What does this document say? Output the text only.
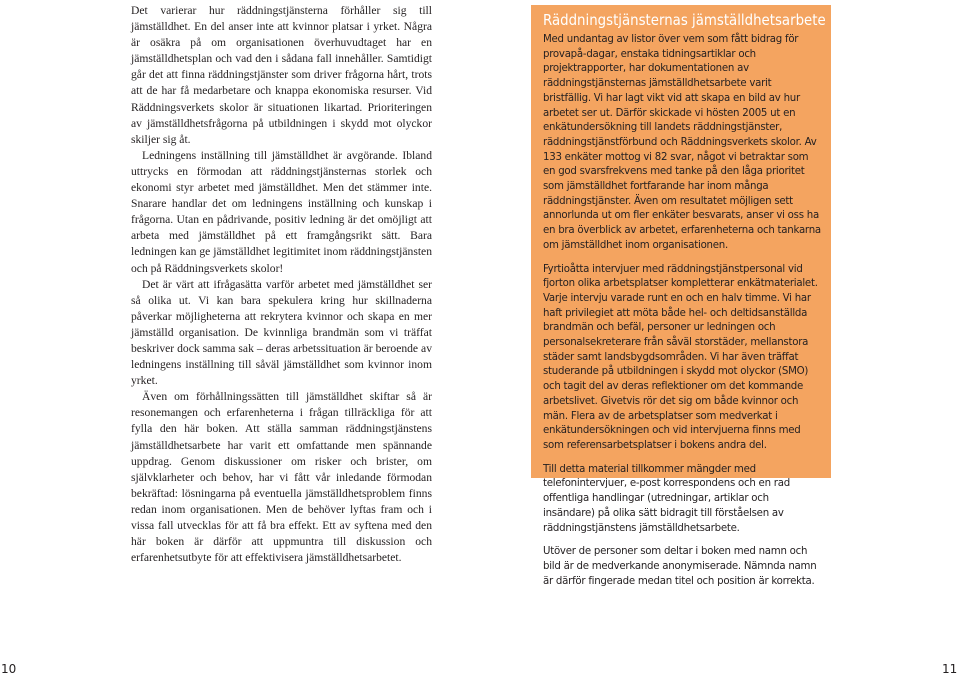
Det varierar hur räddningstjänsterna förhåller sig till jämställdhet. En del anser inte att kvinnor platsar i yrket. Några är osäkra på om organisationen överhuvudtaget har en jämställdhetsplan och vad den i sådana fall innehåller. Samtidigt går det att finna räddningstjänster som driver frågorna hårt, trots att de har få medarbetare och knappa ekonomiska resurser. Vid Räddningsverkets skolor är situationen likartad. Prioriteringen av jämställdhetsfrågorna på utbildningen i skydd mot olyckor skiljer sig åt.

Ledningens inställning till jämställdhet är avgörande. Ibland uttrycks en förmodan att räddningstjänsternas storlek och ekonomi styr arbetet med jämställdhet. Men det stämmer inte. Snarare handlar det om ledningens inställning och kunskap i frågorna. Utan en pådrivande, positiv ledning är det omöjligt att arbeta med jämställdhet på ett framgångsrikt sätt. Bara ledningen kan ge jämställdhet legitimitet inom räddningstjänsten och på Räddningsverkets skolor!

Det är värt att ifrågasätta varför arbetet med jämställdhet ser så olika ut. Vi kan bara spekulera kring hur skillnaderna påverkar möjligheterna att rekrytera kvinnor och skapa en mer jämställd organisation. De kvinnliga brandmän som vi träffat beskriver dock samma sak – deras arbetssituation är beroende av ledningens inställning till såväl jämställdhet som kvinnor inom yrket.

Även om förhållningssätten till jämställdhet skiftar så är resonemangen och erfarenheterna i frågan tillräckliga för att fylla den här boken. Att ställa samman räddningstjänstens jämställdhetsarbete har varit ett omfattande men spännande uppdrag. Genom diskussioner om risker och brister, om självklarheter och behov, har vi fått vår inledande förmodan bekräftad: lösningarna på eventuella jämställdhetsproblem finns redan inom organisationen. Men de behöver lyftas fram och i vissa fall utvecklas för att få bra effekt. Ett av syftena med den här boken är därför att uppmuntra till diskussion och erfarenhetsutbyte för att effektivisera jämställdhetsarbetet.

Räddningstjänsternas jämställdhetsarbete

Med undantag av listor över vem som fått bidrag för provapå-dagar, enstaka tidningsartiklar och projektrapporter, har dokumentationen av räddningstjänsternas jämställdhetsarbete varit bristfällig. Vi har lagt vikt vid att skapa en bild av hur arbetet ser ut. Därför skickade vi hösten 2005 ut en enkätundersökning till landets räddningstjänster, räddningstjänstförbund och Räddningsverkets skolor. Av 133 enkäter mottog vi 82 svar, något vi betraktar som en god svarsfrekvens med tanke på den låga prioritet som jämställdhet fortfarande har inom många räddningstjänster. Även om resultatet möjligen sett annorlunda ut om fler enkäter besvarats, anser vi oss ha en bra överblick av arbetet, erfarenheterna och tankarna om jämställdhet inom organisationen.

Fyrtioåtta intervjuer med räddningstjänstpersonal vid fjorton olika arbetsplatser kompletterar enkätmaterialet. Varje intervju varade runt en och en halv timme. Vi har haft privilegiet att möta både hel- och deltidsanställda brandmän och befäl, personer ur ledningen och personalsekreterare från såväl storstäder, mellanstora städer samt landsbygdsområden. Vi har även träffat studerande på utbildningen i skydd mot olyckor (SMO) och tagit del av deras reflektioner om det kommande arbetslivet. Givetvis rör det sig om både kvinnor och män. Flera av de arbetsplatser som medverkat i enkätundersökningen och vid intervjuerna finns med som referensarbetsplatser i bokens andra del.

Till detta material tillkommer mängder med telefonintervjuer, e-post korrespondens och en rad offentliga handlingar (utredningar, artiklar och insändare) på olika sätt bidragit till förståelsen av räddningstjänstens jämställdhetsarbete.

Utöver de personer som deltar i boken med namn och bild är de medverkande anonymiserade. Nämnda namn är därför fingerade medan titel och position är korrekta.

10	11
